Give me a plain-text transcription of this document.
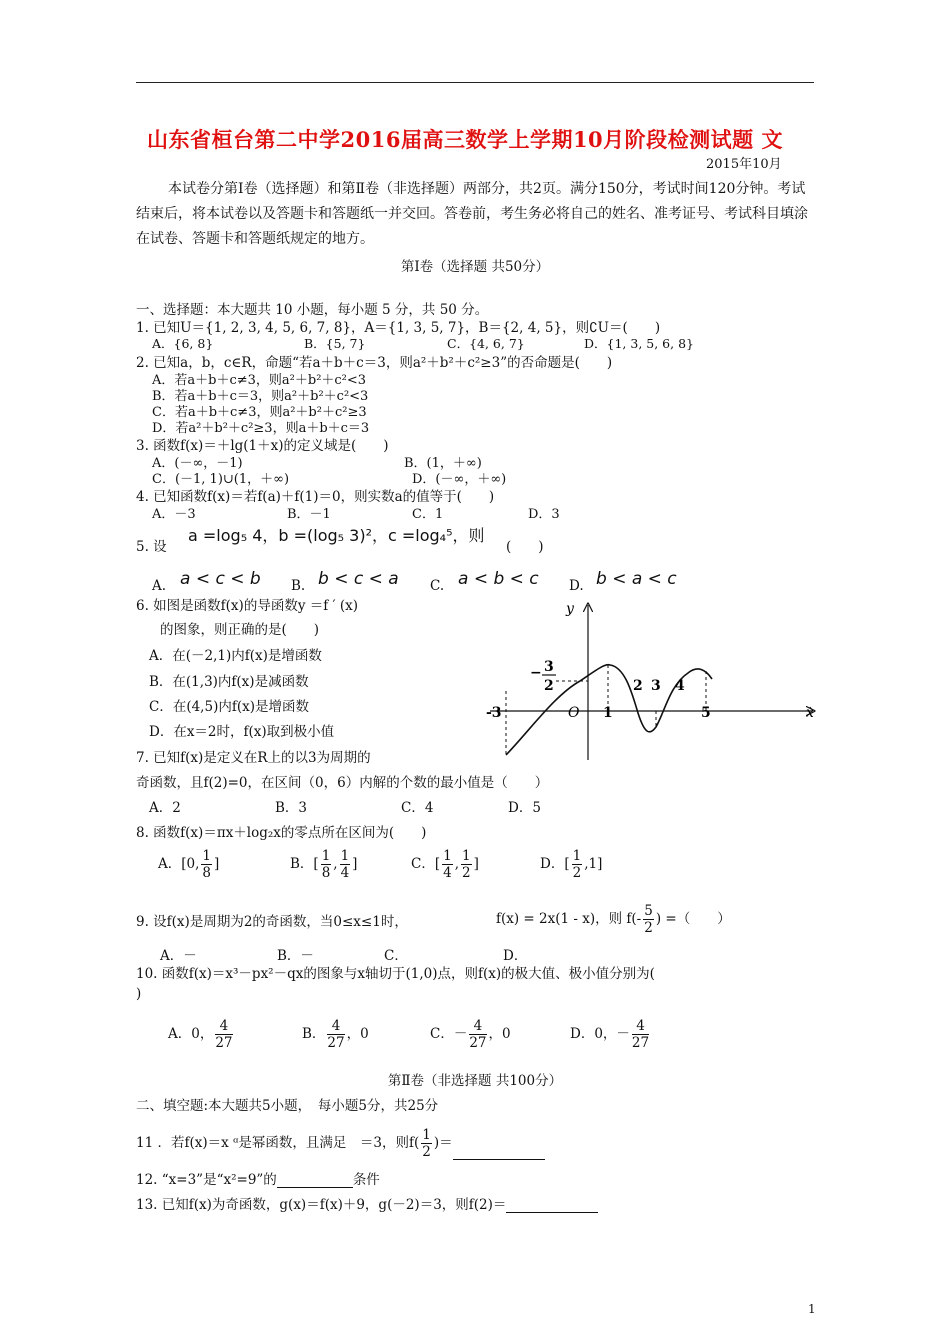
山东省桓台第二中学2016届高三数学上学期10月阶段检测试题 文
2015年10月
本试卷分第Ⅰ卷（选择题）和第Ⅱ卷（非选择题）两部分，共2页。满分150分，考试时间120分钟。考试结束后，将本试卷以及答题卡和答题纸一并交回。答卷前，考生务必将自己的姓名、准考证号、考试科目填涂在试卷、答题卡和答题纸规定的地方。
第Ⅰ卷（选择题 共50分）
一、选择题：本大题共 10 小题，每小题 5 分，共 50 分。
1. 已知U＝{1, 2, 3, 4, 5, 6, 7, 8}，A＝{1, 3, 5, 7}，B＝{2, 4, 5}，则∁U＝(　　)
A．{6, 8}	B．{5, 7}	C．{4, 6, 7}	D．{1, 3, 5, 6, 8}
2. 已知a，b，c∈R，命题“若a＋b＋c＝3，则a²＋b²＋c²≥3”的否命题是(　　)
A．若a＋b＋c≠3，则a²＋b²＋c²<3
B．若a＋b＋c＝3，则a²＋b²＋c²<3
C．若a＋b＋c≠3，则a²＋b²＋c²≥3
D．若a²＋b²＋c²≥3，则a＋b＋c＝3
3. 函数f(x)＝＋lg(1＋x)的定义域是(　　)
A．(－∞，－1)	B．(1，＋∞)
C．(－1, 1)∪(1，＋∞)	D．(－∞，＋∞)
4. 已知函数f(x)＝若f(a)＋f(1)＝0，则实数a的值等于(　　)
A．－3	B．－1	C．1	D．3
5. 设
a =log₅ 4，b =(log₅ 3)²，c =log₄⁵，则
(　　)
A. a < c < b B. b < c < a C. a < b < c D. b < a < c
6. 如图是函数f(x)的导函数y ＝f ′ (x)
的图象，则正确的是(　　)
A．在(－2,1)内f(x)是增函数
B．在(1,3)内f(x)是减函数
C．在(4,5)内f(x)是增函数
D．在x＝2时，f(x)取到极小值
y
x
O
-3
− 3
2
1
2 3 4
5
7. 已知f(x)是定义在R上的以3为周期的
奇函数，且f(2)=0，在区间（0，6）内解的个数的最小值是（　　）
A．2	B．3	C．4	D．5
8. 函数f(x)＝πx＋log₂x的零点所在区间为(　　)
A．[0, $\frac{1}{8}$ ]	B．[ $\frac{1}{8}$ , $\frac{1}{4}$ ]	C．[ $\frac{1}{4}$ , $\frac{1}{2}$ ]	D．[ $\frac{1}{2} ,1$]
9. 设f(x)是周期为2的奇函数，当0≤x≤1时，	f(x) = 2x(1 - x)，则 $f(- \frac{5}{2}$ ) =（　　）
A．－	B．－	C．	D．
10. 函数f(x)＝x³－px²－qx的图象与x轴切于(1,0)点，则f(x)的极大值、极小值分别为(
)
A．0， $\frac{4}{27}$	B． $\frac{4}{27}$ ，0	C．－ $\frac{4}{27}$ ，0	D．0，－ $\frac{4}{27}$
第Ⅱ卷（非选择题 共100分）
二、填空题:本大题共5小题，　每小题5分，共25分
11 ．若f(x)＝x ᵅ是幂函数，且满足　＝3，则$f( \frac{1}{2}$ )＝
12. “x=3”是“x²=9”的	条件
13. 已知f(x)为奇函数，g(x)＝f(x)＋9，g(－2)＝3，则f(2)＝
1
